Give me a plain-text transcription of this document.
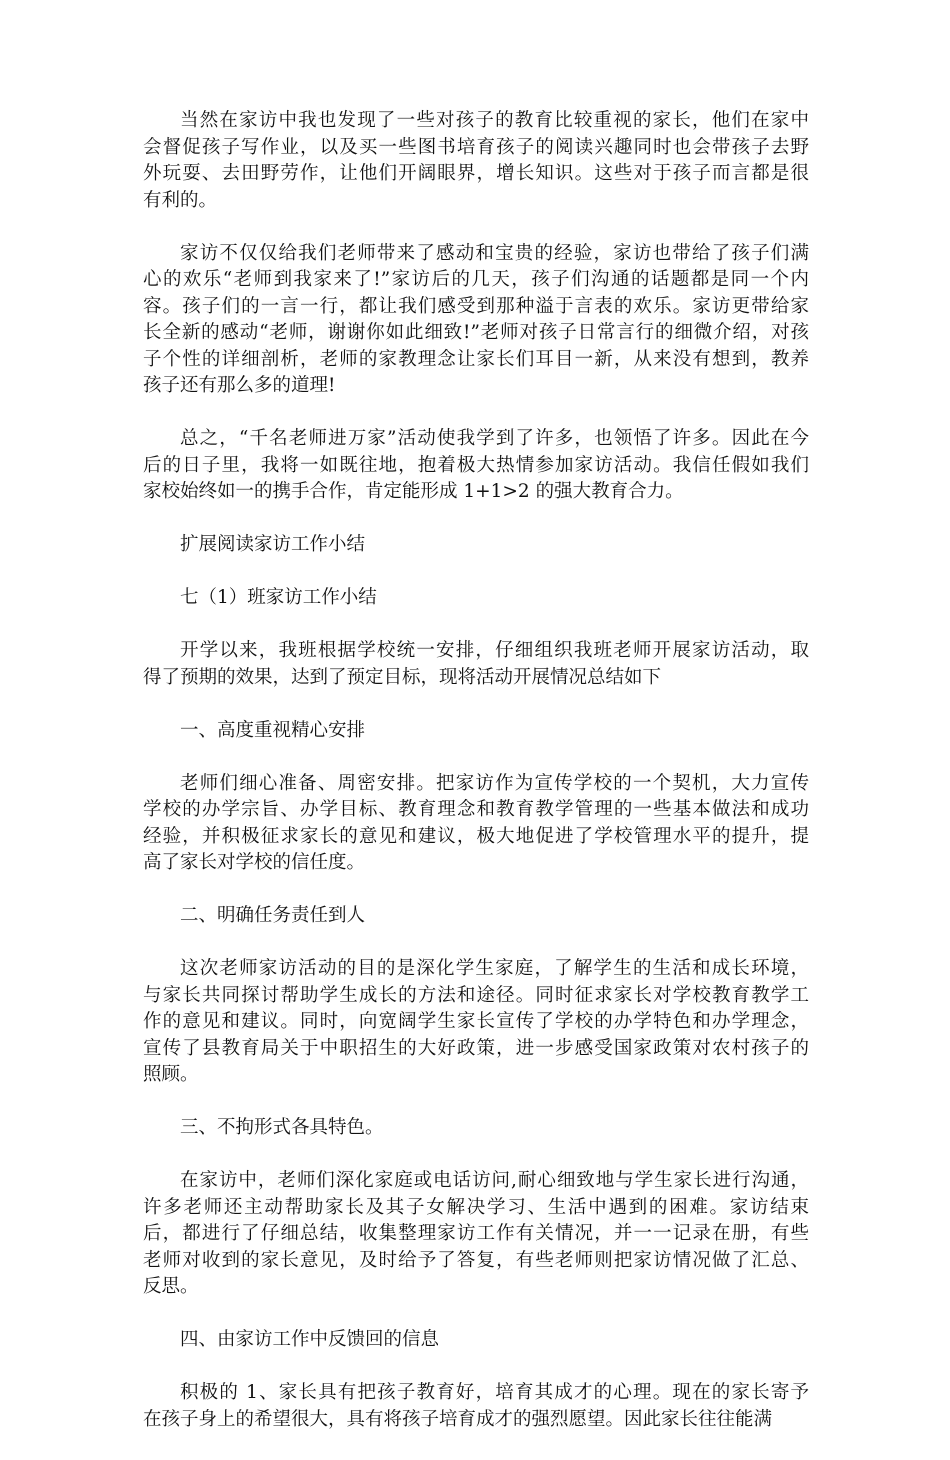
当然在家访中我也发现了一些对孩子的教育比较重视的家长，他们在家中
会督促孩子写作业，以及买一些图书培育孩子的阅读兴趣同时也会带孩子去野
外玩耍、去田野劳作，让他们开阔眼界，增长知识。这些对于孩子而言都是很
有利的。
家访不仅仅给我们老师带来了感动和宝贵的经验，家访也带给了孩子们满
心的欢乐“老师到我家来了!”家访后的几天，孩子们沟通的话题都是同一个内
容。孩子们的一言一行，都让我们感受到那种溢于言表的欢乐。家访更带给家
长全新的感动“老师，谢谢你如此细致!”老师对孩子日常言行的细微介绍，对孩
子个性的详细剖析，老师的家教理念让家长们耳目一新，从来没有想到，教养
孩子还有那么多的道理!
总之，“千名老师进万家”活动使我学到了许多，也领悟了许多。因此在今
后的日子里，我将一如既往地，抱着极大热情参加家访活动。我信任假如我们
家校始终如一的携手合作，肯定能形成 1+1>2 的强大教育合力。
扩展阅读家访工作小结
七（1）班家访工作小结
开学以来，我班根据学校统一安排，仔细组织我班老师开展家访活动，取
得了预期的效果，达到了预定目标，现将活动开展情况总结如下
一、高度重视精心安排
老师们细心准备、周密安排。把家访作为宣传学校的一个契机，大力宣传
学校的办学宗旨、办学目标、教育理念和教育教学管理的一些基本做法和成功
经验，并积极征求家长的意见和建议，极大地促进了学校管理水平的提升，提
高了家长对学校的信任度。
二、明确任务责任到人
这次老师家访活动的目的是深化学生家庭，了解学生的生活和成长环境，
与家长共同探讨帮助学生成长的方法和途径。同时征求家长对学校教育教学工
作的意见和建议。同时，向宽阔学生家长宣传了学校的办学特色和办学理念，
宣传了县教育局关于中职招生的大好政策，进一步感受国家政策对农村孩子的
照顾。
三、不拘形式各具特色。
在家访中，老师们深化家庭或电话访问,耐心细致地与学生家长进行沟通，
许多老师还主动帮助家长及其子女解决学习、生活中遇到的困难。家访结束
后，都进行了仔细总结，收集整理家访工作有关情况，并一一记录在册，有些
老师对收到的家长意见，及时给予了答复，有些老师则把家访情况做了汇总、
反思。
四、由家访工作中反馈回的信息
积极的 1、家长具有把孩子教育好，培育其成才的心理。现在的家长寄予
在孩子身上的希望很大，具有将孩子培育成才的强烈愿望。因此家长往往能满
